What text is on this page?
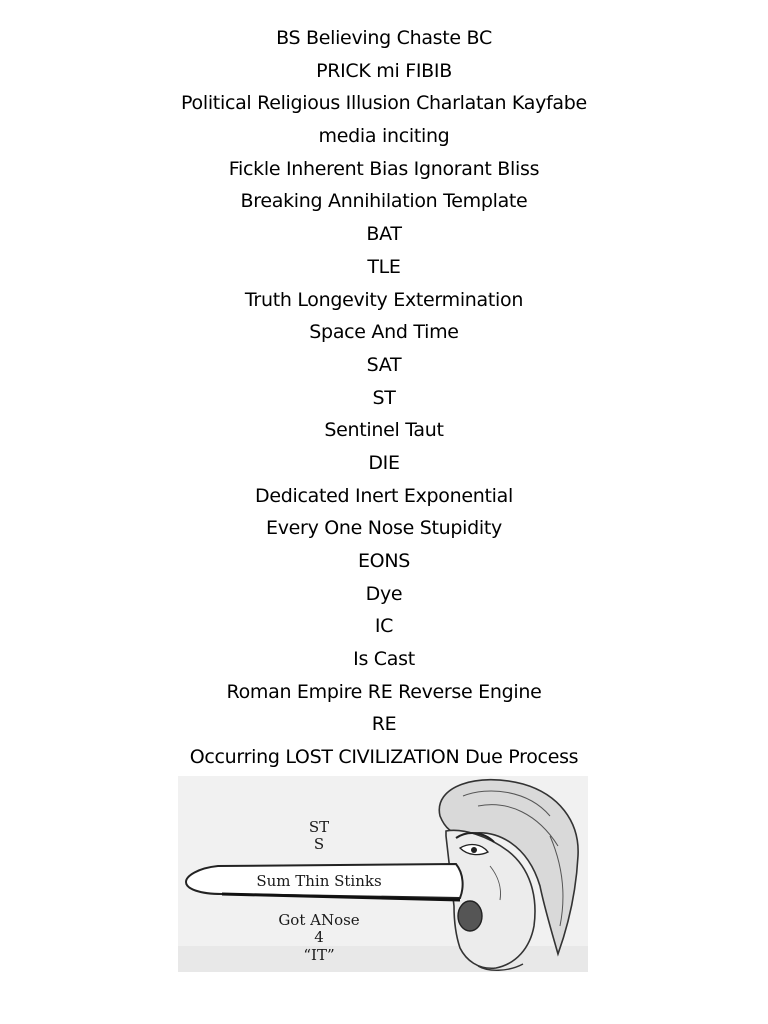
BS Believing Chaste BC
PRICK mi FIBIB
Political Religious Illusion Charlatan Kayfabe
media inciting
Fickle Inherent Bias Ignorant Bliss
Breaking Annihilation Template
BAT
TLE
Truth Longevity Extermination
Space And Time
SAT
ST
Sentinel Taut
DIE
Dedicated Inert Exponential
Every One Nose Stupidity
EONS
Dye
IC
Is Cast
Roman Empire RE Reverse Engine
RE
Occurring LOST CIVILIZATION Due Process
ST
S
Sum Thin Stinks
Got ANose
4
“IT”
